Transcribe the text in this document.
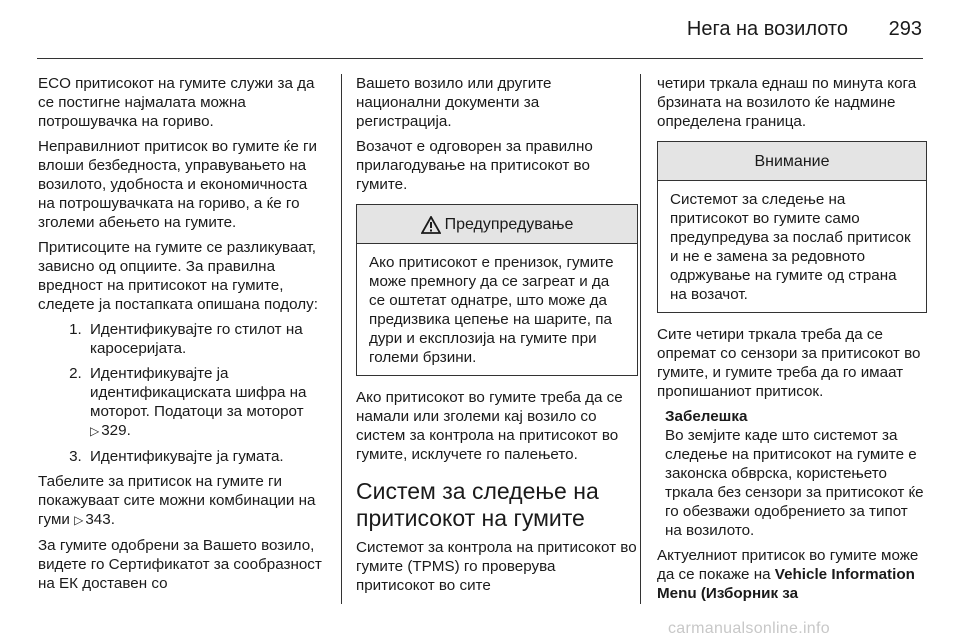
Нега на возилото 293

ECO притисокот на гумите служи за да се постигне најмалата можна потрошувачка на гориво.

Неправилниот притисок во гумите ќе ги влоши безбедноста, управувањето на возилото, удобноста и економичноста на потрошувачката на гориво, а ќе го зголеми абењето на гумите.

Притисоците на гумите се разликуваат, зависно од опциите. За правилна вредност на притисокот на гумите, следете ја постапката опишана подолу:

1. Идентификувајте го стилот на каросеријата.
2. Идентификувајте ја идентификациската шифра на моторот. Податоци за моторот
▷ 329.
3. Идентификувајте ја гумата.

Табелите за притисок на гумите ги покажуваат сите можни комбинации на гуми ▷ 343.

За гумите одобрени за Вашето возило, видете го Сертификатот за сообразност на ЕК доставен со

Вашето возило или другите национални документи за регистрација.

Возачот е одговорен за правилно прилагодување на притисокот во гумите.

Предупредување
Ако притисокот е пренизок, гумите може премногу да се загреат и да се оштетат однатре, што може да предизвика цепење на шарите, па дури и експлозија на гумите при големи брзини.

Ако притисокот во гумите треба да се намали или зголеми кај возило со систем за контрола на притисокот во гумите, исклучете го палењето.

Систем за следење на притисокот на гумите

Системот за контрола на притисокот во гумите (TPMS) го проверува притисокот во сите

четири тркала еднаш по минута кога брзината на возилото ќе надмине определена граница.

Внимание
Системот за следење на притисокот во гумите само предупредува за послаб притисок и не е замена за редовното одржување на гумите од страна на возачот.

Сите четири тркала треба да се опремат со сензори за притисокот во гумите, и гумите треба да го имаат пропишаниот притисок.

Забелешка

Во земјите каде што системот за следење на притисокот на гумите е законска обврска, користењето тркала без сензори за притисокот ќе го обезважи одобрението за типот на возилото.

Актуелниот притисок во гумите може да се покаже на Vehicle Information Menu (Изборник за

carmanualsonline.info
